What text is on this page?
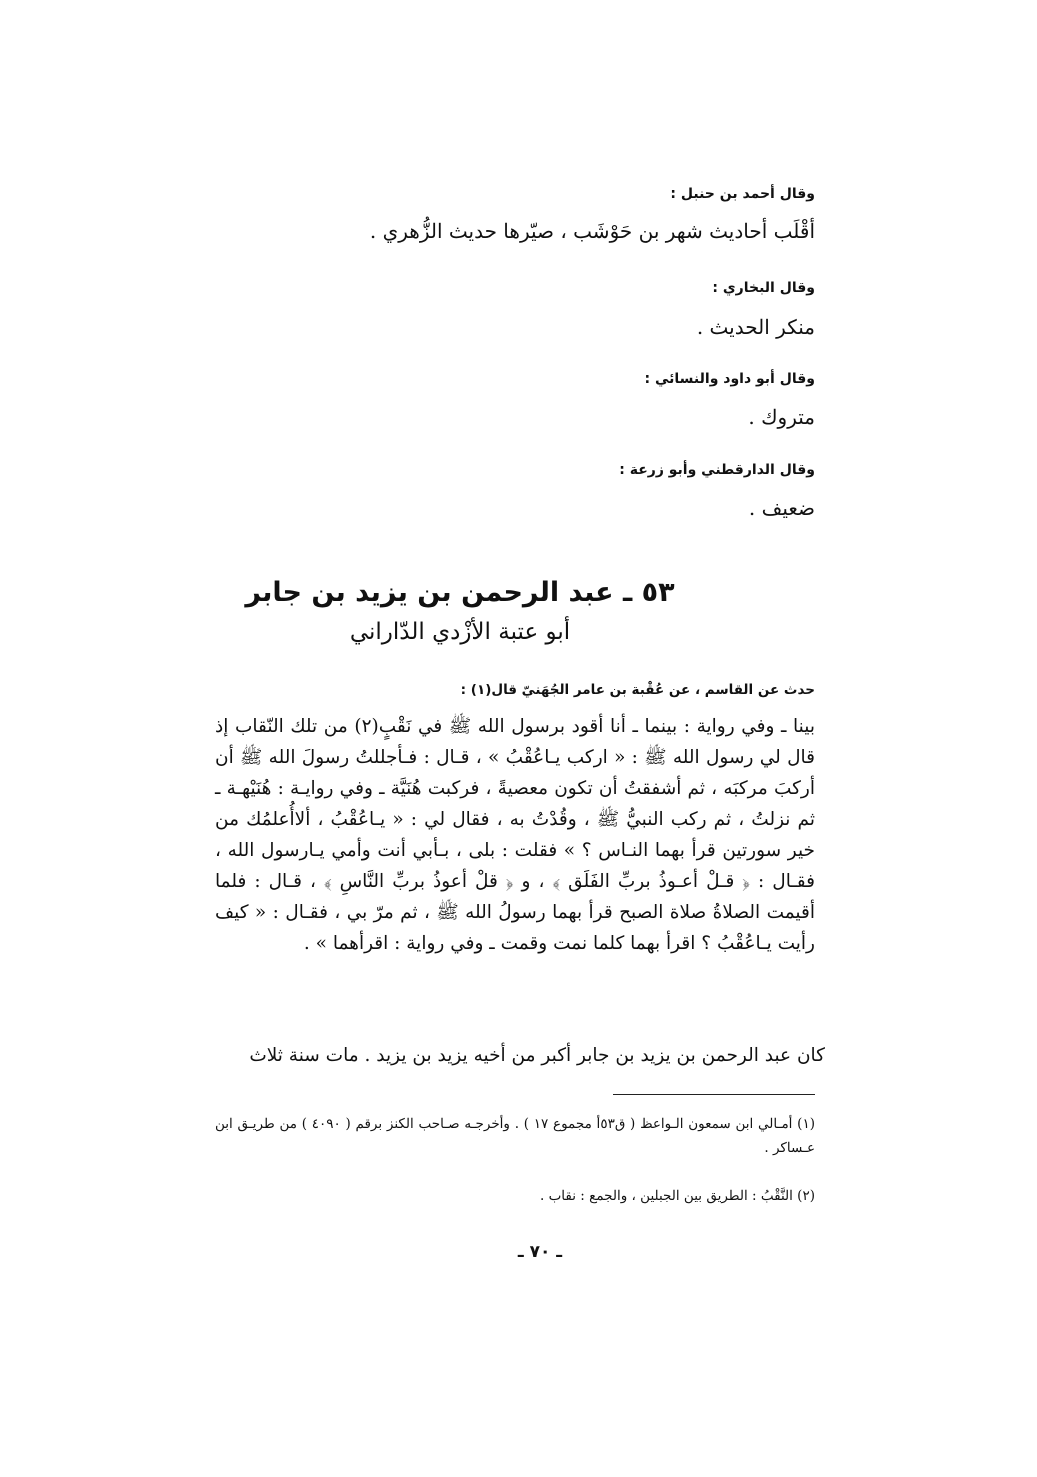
وقال أحمد بن حنبل :
أقْلَب أحاديث شهر بن حَوْشَب ، صيّرها حديث الزُّهري .
وقال البخاري :
منكر الحديث .
وقال أبو داود والنسائي :
متروك .
وقال الدارقطني وأبو زرعة :
ضعيف .
٥٣ ـ عبد الرحمن بن يزيد بن جابر
أبو عتبة الأزْدي الدّاراني
حدث عن القاسم ، عن عُقْبة بن عامر الجُهَنيّ قال(١) :
بينا ـ وفي رواية : بينما ـ أنا أقود برسول الله ﷺ في نَقْبٍ(٢) من تلك النّقاب إذ قال لي رسول الله ﷺ : « اركب يـاعُقْبُ » ، قـال : فـأجللتُ رسولَ الله ﷺ أن أركبَ مركبَه ، ثم أشفقتُ أن تكون معصيةً ، فركبت هُنَيَّة ـ وفي روايـة : هُنَيْهـة ـ ثم نزلتُ ، ثم ركب النبيُّ ﷺ ، وقُدْتُ به ، فقال لي : « يـاعُقْبُ ، ألاأُعلمُك من خير سورتين قرأ بهما النـاس ؟ » فقلت : بلى ، بـأبي أنت وأمي يـارسول الله ، فقـال : ﴿ قـلْ أعـوذُ بربِّ الفَلَق ﴾ ، و ﴿ قلْ أعوذُ بربِّ النَّاسِ ﴾ ، قـال : فلما أقيمت الصلاةُ صلاة الصبح قرأ بهما رسولُ الله ﷺ ، ثم مرّ بي ، فقـال : « كيف رأيت يـاعُقْبُ ؟ اقرأ بهما كلما نمت وقمت ـ وفي رواية : اقرأهما » .
كان عبد الرحمن بن يزيد بن جابر أكبر من أخيه يزيد بن يزيد . مات سنة ثلاث
(١) أمـالي ابن سمعون الـواعظ ( ق٥٣أ مجموع ١٧ ) . وأخرجـه صـاحب الكنز برقم ( ٤٠٩٠ ) من طريـق ابن عـساكر .
(٢) النَّقْبُ : الطريق بين الجبلين ، والجمع : نقاب .
ـ ٧٠ ـ
